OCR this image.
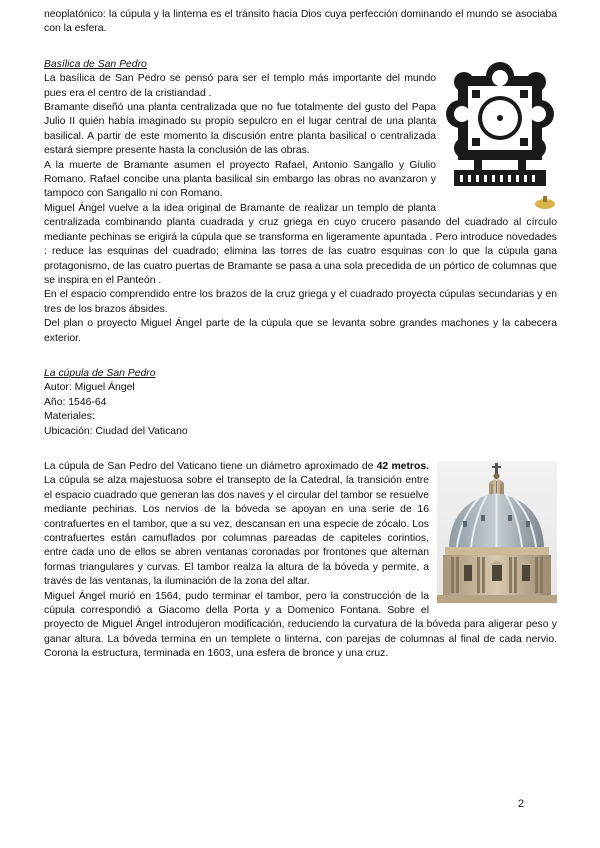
neoplatónico: la cúpula y la linterna es el tránsito hacia Dios cuya perfección dominando el mundo se asociaba con la esfera.

Basílica de San Pedro

La basílica de San Pedro se pensó para ser el templo más importante del mundo pues era el centro de la cristiandad .

Bramante diseñó una planta centralizada que no fue totalmente del gusto del Papa Julio II quién había imaginado su propio sepulcro en el lugar central de una planta basilical. A partir de este momento la discusión entre planta basilical o centralizada estará siempre presente hasta la conclusión de las obras.

A la muerte de Bramante asumen el proyecto Rafael, Antonio Sangallo y Giulio Romano. Rafael concibe una planta basilical sin embargo las obras no avanzaron y tampoco con Sangallo ni con Romano.

Miguel Ángel vuelve a la idea original de Bramante de realizar un templo de planta centralizada combinando planta cuadrada y cruz griega en cuyo crucero pasando del cuadrado al círculo mediante pechinas se erigirá la cúpula que se transforma en ligeramente apuntada . Pero introduce novedades : reduce las esquinas del cuadrado; elimina las torres de las cuatro esquinas con lo que la cúpula gana protagonismo, de las cuatro puertas de Bramante se pasa a una sola precedida de un pórtico de columnas que se inspira en el Panteón .

En el espacio comprendido entre los brazos de la cruz griega y el cuadrado proyecta cúpulas secundarias y en tres de los brazos ábsides.

Del plan o proyecto Miguel Ángel parte de la cúpula que se levanta sobre grandes machones y la cabecera exterior.

La cúpula de San Pedro

Autor: Miguel Ángel

Año: 1546-64

Materiales:

Ubicación: Ciudad del Vaticano

La cúpula de San Pedro del Vaticano tiene un diámetro aproximado de 42 metros. La cúpula se alza majestuosa sobre el transepto de la Catedral, la transición entre el espacio cuadrado que generan las dos naves y el circular del tambor se resuelve mediante pechinas. Los nervios de la bóveda se apoyan en una serie de 16 contrafuertes en el tambor, que a su vez, descansan en una especie de zócalo. Los contrafuertes están camuflados por columnas pareadas de capiteles corintios, entre cada uno de ellos se abren ventanas coronadas por frontones que alternan formas triangulares y curvas. El tambor realza la altura de la bóveda y permite, a través de las ventanas, la iluminación de la zona del altar.

Miguel Ángel murió en 1564, pudo terminar el tambor, pero la construcción de la cúpula correspondió a Giacomo della Porta y a Domenico Fontana. Sobre el proyecto de Miguel Ángel introdujeron modificación, reduciendo la curvatura de la bóveda para aligerar peso y ganar altura. La bóveda termina en un templete o linterna, con parejas de columnas al final de cada nervio. Corona la estructura, terminada en 1603, una esfera de bronce y una cruz.

2
